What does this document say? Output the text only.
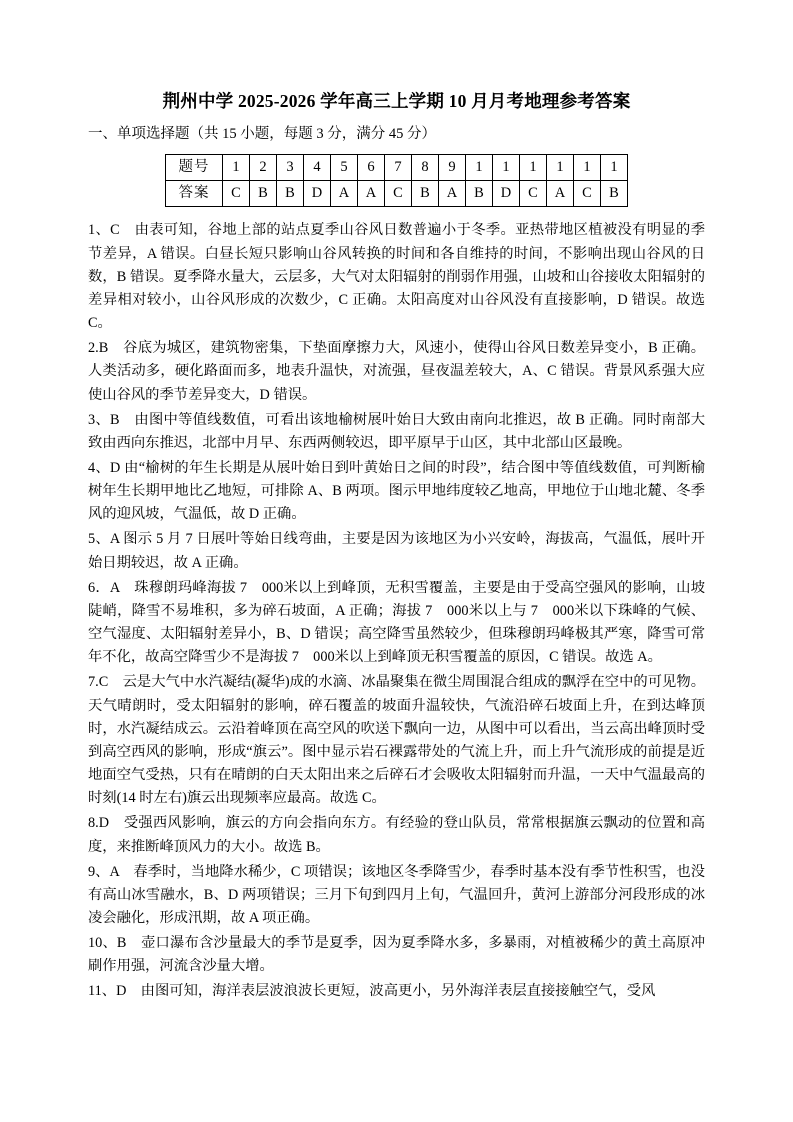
荆州中学 2025-2026 学年高三上学期 10 月月考地理参考答案
一、单项选择题（共 15 小题，每题 3 分，满分 45 分）
题号	1	2	3	4	5	6	7	8	9	1	1	1	1	1	1
答案	C	B	B	D	A	A	C	B	A	B	D	C	A	C	B

1、C　由表可知，谷地上部的站点夏季山谷风日数普遍小于冬季。亚热带地区植被没有明显的季节差异，A 错误。白昼长短只影响山谷风转换的时间和各自维持的时间，不影响出现山谷风的日数，B 错误。夏季降水量大，云层多，大气对太阳辐射的削弱作用强，山坡和山谷接收太阳辐射的差异相对较小，山谷风形成的次数少，C 正确。太阳高度对山谷风没有直接影响，D 错误。故选 C。

2.B　谷底为城区，建筑物密集，下垫面摩擦力大，风速小，使得山谷风日数差异变小，B 正确。人类活动多，硬化路面而多，地表升温快，对流强，昼夜温差较大，A、C 错误。背景风系强大应使山谷风的季节差异变大，D 错误。

3、B　由图中等值线数值，可看出该地榆树展叶始日大致由南向北推迟，故 B 正确。同时南部大致由西向东推迟，北部中月早、东西两侧较迟，即平原早于山区，其中北部山区最晚。

4、D 由“榆树的年生长期是从展叶始日到叶黄始日之间的时段”，结合图中等值线数值，可判断榆树年生长期甲地比乙地短，可排除 A、B 两项。图示甲地纬度较乙地高，甲地位于山地北麓、冬季风的迎风坡，气温低，故 D 正确。

5、A 图示 5 月 7 日展叶等始日线弯曲，主要是因为该地区为小兴安岭，海拔高，气温低，展叶开始日期较迟，故 A 正确。

6．A　珠穆朗玛峰海拔 7　000米以上到峰顶，无积雪覆盖，主要是由于受高空强风的影响，山坡陡峭，降雪不易堆积，多为碎石坡面，A 正确；海拔 7　000米以上与 7　000米以下珠峰的气候、空气湿度、太阳辐射差异小，B、D 错误；高空降雪虽然较少，但珠穆朗玛峰极其严寒，降雪可常年不化，故高空降雪少不是海拔 7　000米以上到峰顶无积雪覆盖的原因，C 错误。故选 A。

7.C　云是大气中水汽凝结(凝华)成的水滴、冰晶聚集在微尘周围混合组成的飘浮在空中的可见物。天气晴朗时，受太阳辐射的影响，碎石覆盖的坡面升温较快，气流沿碎石坡面上升，在到达峰顶时，水汽凝结成云。云沿着峰顶在高空风的吹送下飘向一边，从图中可以看出，当云高出峰顶时受到高空西风的影响，形成“旗云”。图中显示岩石裸露带处的气流上升，而上升气流形成的前提是近地面空气受热，只有在晴朗的白天太阳出来之后碎石才会吸收太阳辐射而升温，一天中气温最高的时刻(14 时左右)旗云出现频率应最高。故选 C。

8.D　受强西风影响，旗云的方向会指向东方。有经验的登山队员，常常根据旗云飘动的位置和高度，来推断峰顶风力的大小。故选 B。

9、A　春季时，当地降水稀少，C 项错误；该地区冬季降雪少，春季时基本没有季节性积雪，也没有高山冰雪融水，B、D 两项错误；三月下旬到四月上旬，气温回升，黄河上游部分河段形成的冰凌会融化，形成汛期，故 A 项正确。

10、B　壶口瀑布含沙量最大的季节是夏季，因为夏季降水多，多暴雨，对植被稀少的黄土高原冲刷作用强，河流含沙量大增。

11、D　由图可知，海洋表层波浪波长更短，波高更小，另外海洋表层直接接触空气，受风
